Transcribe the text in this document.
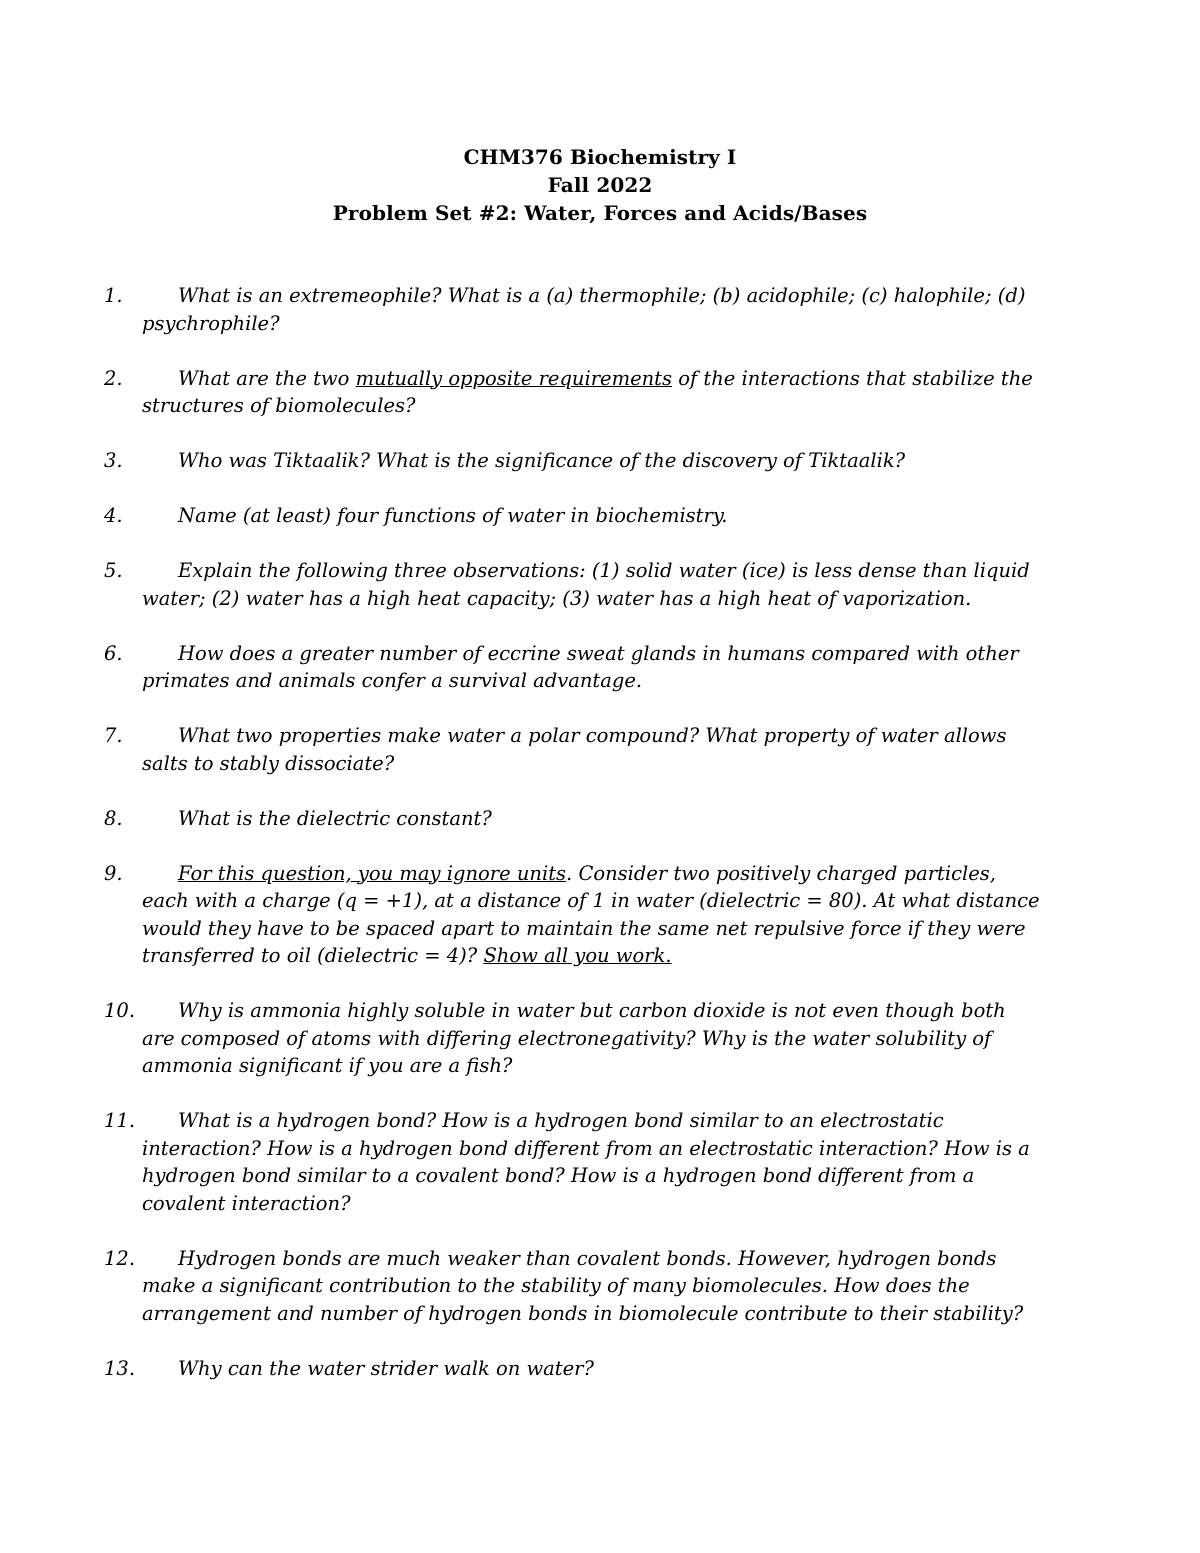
CHM376 Biochemistry I
Fall 2022
Problem Set #2: Water, Forces and Acids/Bases
1.	What is an extremeophile? What is a (a) thermophile; (b) acidophile; (c) halophile; (d) psychrophile?
2.	What are the two mutually opposite requirements of the interactions that stabilize the structures of biomolecules?
3.	Who was Tiktaalik? What is the significance of the discovery of Tiktaalik?
4.	Name (at least) four functions of water in biochemistry.
5.	Explain the following three observations: (1) solid water (ice) is less dense than liquid water; (2) water has a high heat capacity; (3) water has a high heat of vaporization.
6.	How does a greater number of eccrine sweat glands in humans compared with other primates and animals confer a survival advantage.
7.	What two properties make water a polar compound? What property of water allows salts to stably dissociate?
8.	What is the dielectric constant?
9.	For this question, you may ignore units. Consider two positively charged particles, each with a charge (q = +1), at a distance of 1 in water (dielectric = 80). At what distance would they have to be spaced apart to maintain the same net repulsive force if they were transferred to oil (dielectric = 4)? Show all you work.
10. Why is ammonia highly soluble in water but carbon dioxide is not even though both are composed of atoms with differing electronegativity? Why is the water solubility of ammonia significant if you are a fish?
11. What is a hydrogen bond? How is a hydrogen bond similar to an electrostatic interaction? How is a hydrogen bond different from an electrostatic interaction? How is a hydrogen bond similar to a covalent bond? How is a hydrogen bond different from a covalent interaction?
12. Hydrogen bonds are much weaker than covalent bonds. However, hydrogen bonds make a significant contribution to the stability of many biomolecules. How does the arrangement and number of hydrogen bonds in biomolecule contribute to their stability?
13. Why can the water strider walk on water?
